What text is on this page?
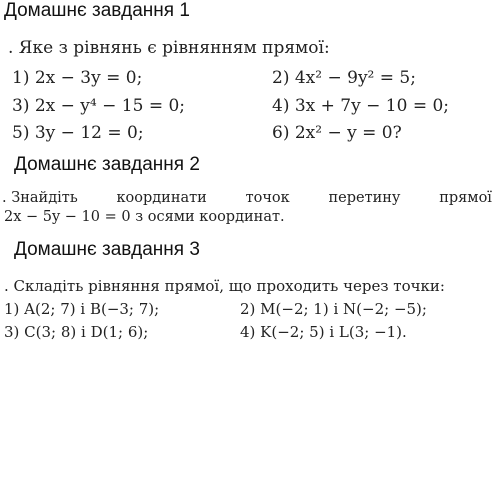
Домашнє завдання 1

. Яке з рівнянь є рівнянням прямої:

1) 2x − 3y = 0;	2) 4x² − 9y² = 5;
3) 2x − y⁴ − 15 = 0;	4) 3x + 7y − 10 = 0;
5) 3y − 12 = 0;	6) 2x² − y = 0?
Домашнє завдання 2
. Знайдіть	координати	точок	перетину	прямої

2x − 5y − 10 = 0 з осями координат.

Домашнє завдання 3

. Складіть рівняння прямої, що проходить через точки:

1) A(2; 7) і B(−3; 7);	2) M(−2; 1) і N(−2; −5);
3) C(3; 8) і D(1; 6);	4) K(−2; 5) і L(3; −1).
